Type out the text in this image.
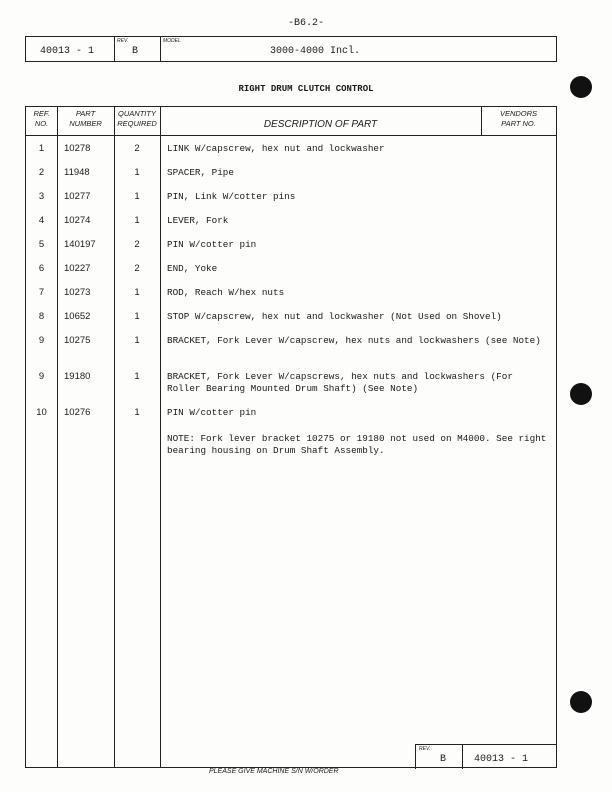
-B6.2-
40013 - 1
REV.
B
MODEL
3000-4000 Incl.
RIGHT DRUM CLUTCH CONTROL
REF.
NO.
PART
NUMBER
QUANTITY
REQUIRED	DESCRIPTION OF PART
VENDORS
PART NO.
1	10278	2	LINK W/capscrew, hex nut and lockwasher
2	11948	1	SPACER, Pipe
3	10277	1	PIN, Link W/cotter pins
4	10274	1	LEVER, Fork
5	140197	2	PIN W/cotter pin
6	10227	2	END, Yoke
7	10273	1	ROD, Reach W/hex nuts
8	10652	1	STOP W/capscrew, hex nut and lockwasher (Not Used on Shovel)
9	10275	1	BRACKET, Fork Lever W/capscrew, hex nuts and lockwashers (see Note)
9	19180	1	BRACKET, Fork Lever W/capscrews, hex nuts and lockwashers (For Roller Bearing Mounted Drum Shaft) (See Note)
10	10276	1	PIN W/cotter pin
NOTE: Fork lever bracket 10275 or 19180 not used on M4000. See right bearing housing on Drum Shaft Assembly.
REV.
B	40013 - 1
PLEASE GIVE MACHINE S/N W/ORDER
